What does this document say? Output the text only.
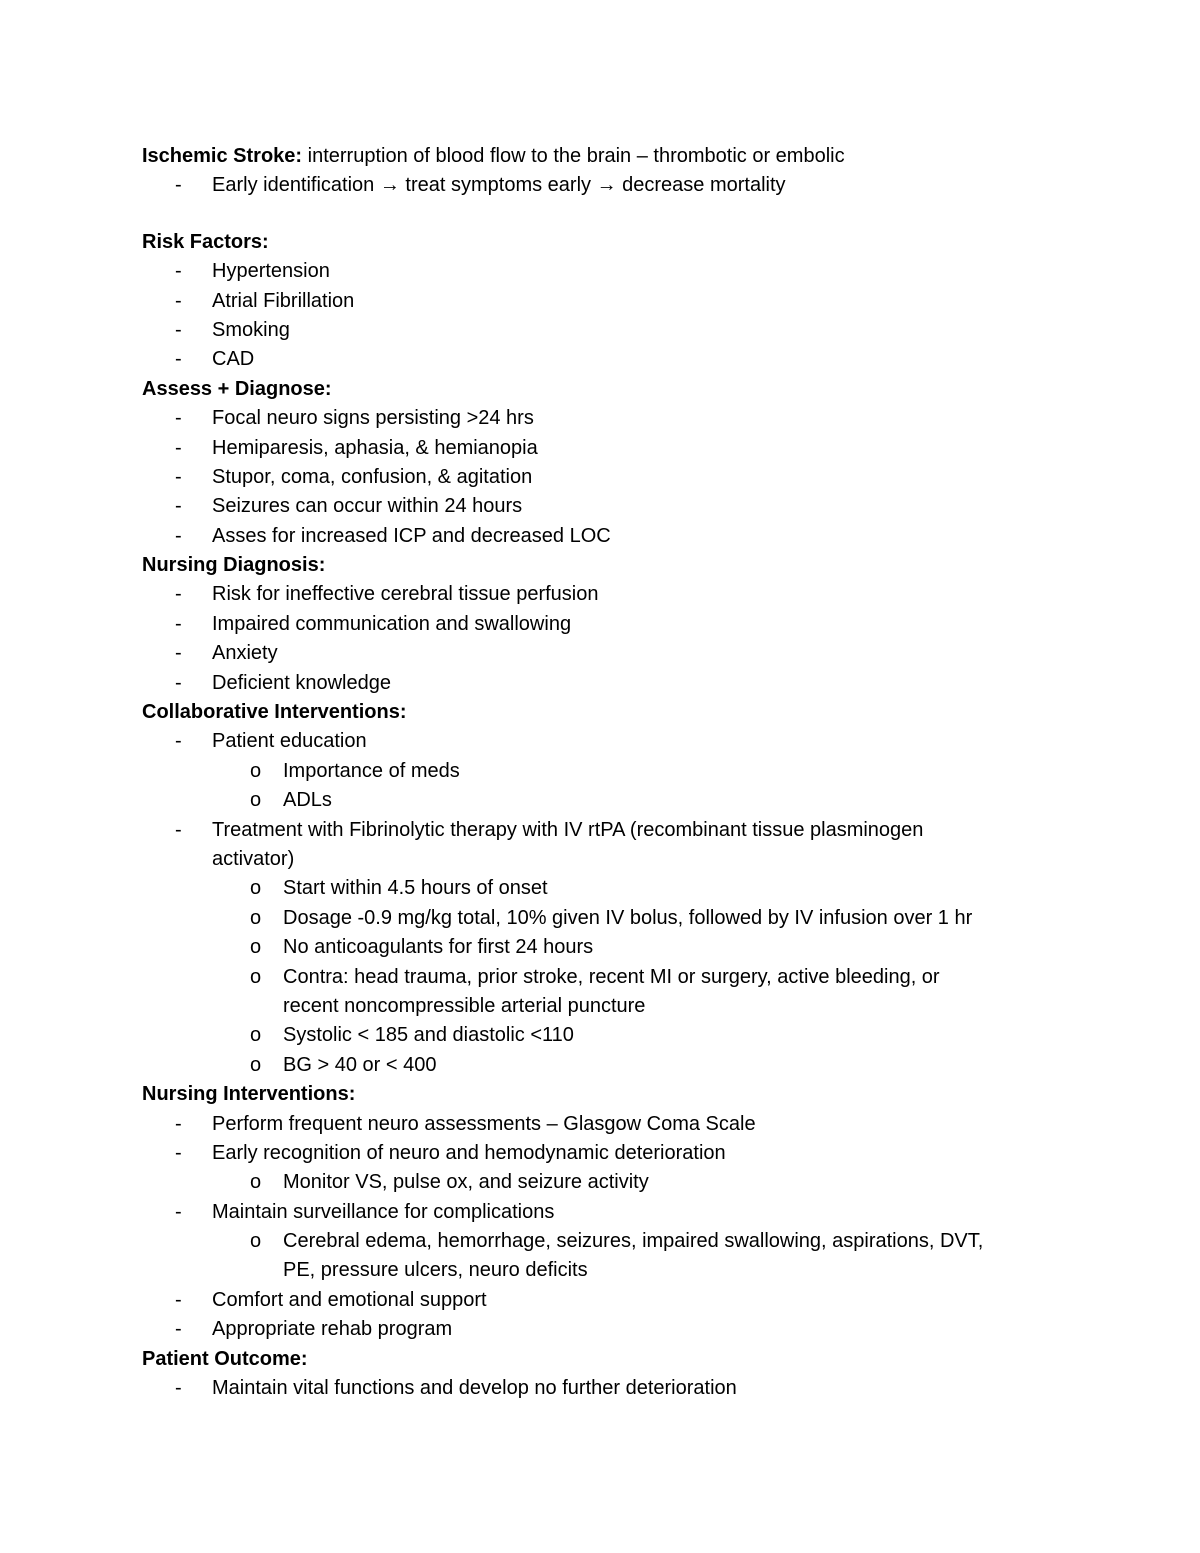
Ischemic Stroke: interruption of blood flow to the brain – thrombotic or embolic
- Early identification → treat symptoms early → decrease mortality
Risk Factors:
- Hypertension
- Atrial Fibrillation
- Smoking
- CAD
Assess + Diagnose:
- Focal neuro signs persisting >24 hrs
- Hemiparesis, aphasia, & hemianopia
- Stupor, coma, confusion, & agitation
- Seizures can occur within 24 hours
- Asses for increased ICP and decreased LOC
Nursing Diagnosis:
- Risk for ineffective cerebral tissue perfusion
- Impaired communication and swallowing
- Anxiety
- Deficient knowledge
Collaborative Interventions:
- Patient education
o Importance of meds
o ADLs
- Treatment with Fibrinolytic therapy with IV rtPA (recombinant tissue plasminogen
activator)
o Start within 4.5 hours of onset
o Dosage -0.9 mg/kg total, 10% given IV bolus, followed by IV infusion over 1 hr
o No anticoagulants for first 24 hours
o Contra: head trauma, prior stroke, recent MI or surgery, active bleeding, or
recent noncompressible arterial puncture
o Systolic < 185 and diastolic <110
o BG > 40 or < 400
Nursing Interventions:
- Perform frequent neuro assessments – Glasgow Coma Scale
- Early recognition of neuro and hemodynamic deterioration
o Monitor VS, pulse ox, and seizure activity
- Maintain surveillance for complications
o Cerebral edema, hemorrhage, seizures, impaired swallowing, aspirations, DVT,
PE, pressure ulcers, neuro deficits
- Comfort and emotional support
- Appropriate rehab program
Patient Outcome:
- Maintain vital functions and develop no further deterioration
